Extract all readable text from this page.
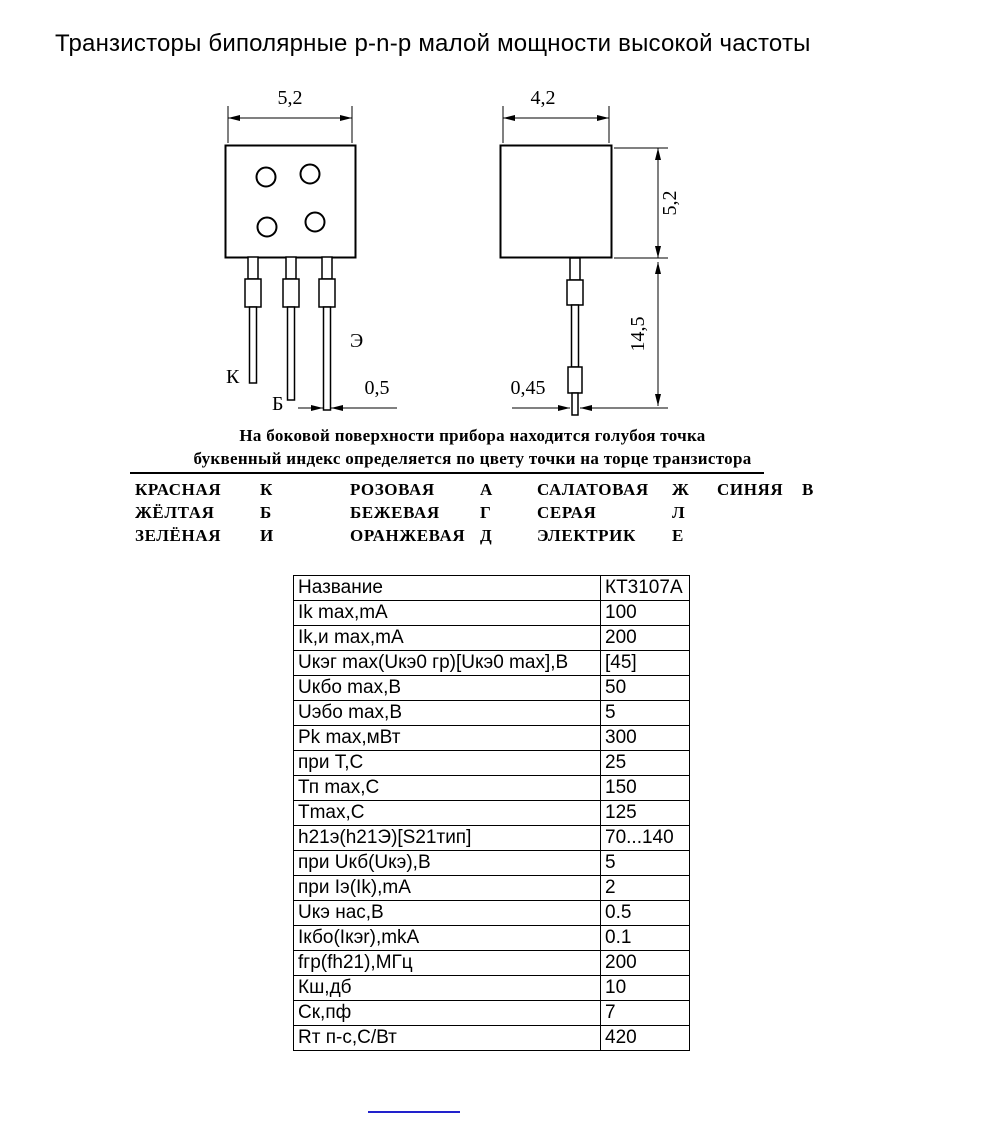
Транзисторы биполярные p-n-p малой мощности высокой частоты
5,2
К
Б
Э
0,5
4,2
5,2
14,5
0,45
На боковой поверхности прибора находится голубоя точка
буквенный индекс определяется по цвету точки на торце транзистора
КРАСНАЯ	К	РОЗОВАЯ	А	САЛАТОВАЯ	Ж	СИНЯЯ	В
ЖЁЛТАЯ	Б	БЕЖЕВАЯ	Г	СЕРАЯ	Л
ЗЕЛЁНАЯ	И	ОРАНЖЕВАЯ Д	ЭЛЕКТРИК	Е
Название	КТ3107А
Ik max,mA	100
Ik,и max,mA	200
Uкэг max(Uкэ0 гр)[Uкэ0 max],В	[45]
Uкбо max,В	50
Uэбо max,В	5
Pk max,мВт	300
при Т,С	25
Тп max,С	150
Tmax,С	125
h21э(h21Э)[S21тип]	70...140
при Uкб(Uкэ),В	5
при Iэ(Ik),mA	2
Uкэ нас,В	0.5
Iкбо(Iкэr),mkA	0.1
fгр(fh21),МГц	200
Кш,дб	10
Ск,пф	7
Rт п-с,С/Вт	420
